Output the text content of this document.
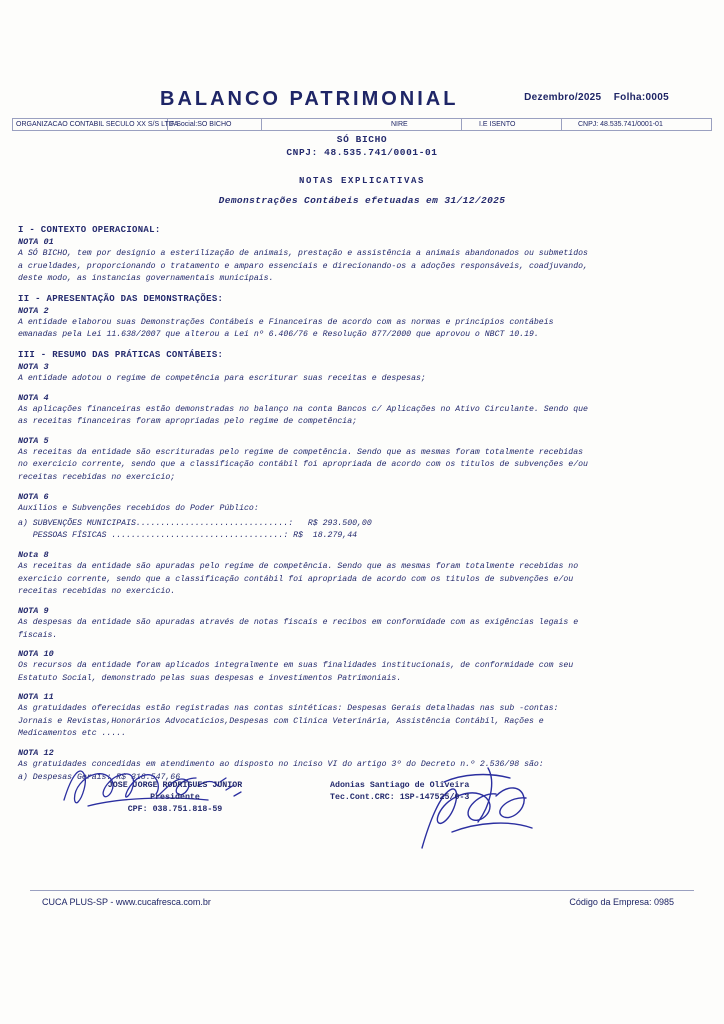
BALANCO PATRIMONIAL	Dezembro/2025 Folha:0005
ORGANIZACAO CONTABIL SECULO XX S/S LTDA
F Social:SO BICHO	NIRE	I.E ISENTO	CNPJ: 48.535.741/0001-01
SÓ BICHO
CNPJ: 48.535.741/0001-01
NOTAS EXPLICATIVAS
Demonstrações Contábeis efetuadas em 31/12/2025
I - CONTEXTO OPERACIONAL:
NOTA 01

A SÓ BICHO, tem por designio a esterilização de animais, prestação e assistência a animais abandonados ou submetidos

a crueldades, proporcionando o tratamento e amparo essenciais e direcionando-os a adoções responsáveis, coadjuvando,

deste modo, as instancias governamentais municipais.

II - APRESENTAÇÃO DAS DEMONSTRAÇÕES:
NOTA 2

A entidade elaborou suas Demonstrações Contábeis e Financeiras de acordo com as normas e principios contábeis

emanadas pela Lei 11.638/2007 que alterou a Lei nº 6.406/76 e Resolução 877/2000 que aprovou o NBCT 10.19.

III - RESUMO DAS PRÁTICAS CONTÁBEIS:
NOTA 3

A entidade adotou o regime de competência para escriturar suas receitas e despesas;

NOTA 4

As aplicações financeiras estão demonstradas no balanço na conta Bancos c/ Aplicações no Ativo Circulante. Sendo que

as receitas financeiras foram apropriadas pelo regime de competência;

NOTA 5

As receitas da entidade são escrituradas pelo regime de competência. Sendo que as mesmas foram totalmente recebidas

no exercicio corrente, sendo que a classificação contábil foi apropriada de acordo com os titulos de subvenções e/ou

receitas recebidas no exercicio;

NOTA 6

Auxilios e Subvenções recebidos do Poder Público:

a) SUBVENÇÕES MUNICIPAIS...............................:   R$ 293.500,00

PESSOAS FÍSICAS ...................................: R$  18.279,44

Nota 8

As receitas da entidade são apuradas pelo regime de competência. Sendo que as mesmas foram totalmente recebidas no

exercicio corrente, sendo que a classificação contábil foi apropriada de acordo com os titulos de subvenções e/ou

receitas recebidas no exercicio.

NOTA 9

As despesas da entidade são apuradas através de notas fiscais e recibos em conformidade com as exigências legais e

fiscais.

NOTA 10

Os recursos da entidade foram aplicados integralmente em suas finalidades institucionais, de conformidade com seu

Estatuto Social, demonstrado pelas suas despesas e investimentos Patrimoniais.

NOTA 11

As gratuidades oferecidas estão registradas nas contas sintéticas: Despesas Gerais detalhadas nas sub -contas:

Jornais e Revistas,Honorários Advocaticios,Despesas com Clinica Veterinária, Assistência Contábil, Rações e

Medicamentos etc .....

NOTA 12

As gratuidades concedidas em atendimento ao disposto no inciso VI do artigo 3º do Decreto n.º 2.536/98 são:

a) Despesas Gerais: R$ 318.547,66

JOSE JORGE RODRIGUES JUNIOR
Presidente
CPF: 038.751.818-59
Adonias Santiago de Oliveira
Tec.Cont.CRC: 1SP-147525/0-3
CUCA PLUS-SP - www.cucafresca.com.br	Código da Empresa: 0985
